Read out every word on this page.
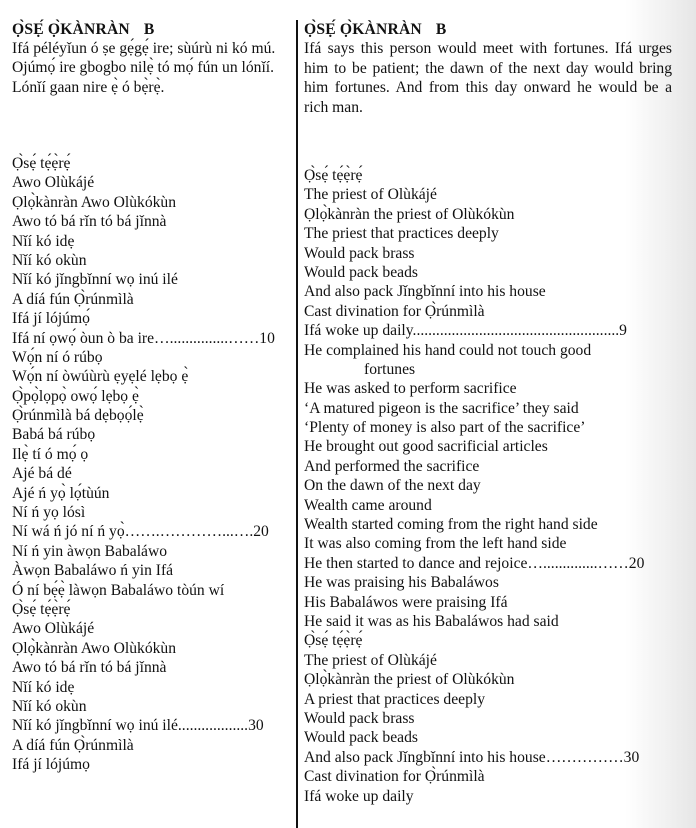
Ọ̀SẸ́ Ọ̀KÀNRÀN B
Ifá péléyǐun ó ṣe gẹ́gẹ́ ire; sùúrù ni kó mú.
Ojúmọ́ ire gbogbo nilẹ̀ tó mọ́ fún un lónǐí.
Lónǐí gaan nire ẹ̀ ó bẹ̀rẹ̀.
Ọ̀sẹ́ tẹ́ẹ̀rẹ́
Awo Olùkájé
Ọlọ̀kànràn Awo Olùkókùn
Awo tó bá rǐn tó bá jǐnnà
Nǐí kó idẹ
Nǐí kó okùn
Nǐí kó jǐngbǐnní wọ inú ilé
A díá fún Ọ̀rúnmìlà
Ifá jí lójúmọ́
Ifá ní ọwọ́ òun ò ba ire…...............……10
Wọ́n ní ó rúbọ
Wọ́n ní òwúùrù ẹyẹlé lẹbọ ẹ̀
Ọ̀pọ̀lọpọ̀ owọ́ lẹbọ ẹ̀
Ọ̀rúnmìlà bá dẹbọọ́lẹ̀
Babá bá rúbọ
Ilẹ̀ tí ó mọ́ ọ
Ajé bá dé
Ajé ń yọ̀ lọ́tùún
Ní ń yọ lósì
Ní wá ń jó ní ń yọ̀…….…………...….20
Ní ń yin àwọn Babaláwo
Àwọn Babaláwo ń yin Ifá
Ó ní bẹ́ẹ̀ làwọn Babaláwo tòún wí
Ọ̀sẹ́ tẹ́ẹ̀rẹ́
Awo Olùkájé
Ọlọ̀kànràn Awo Olùkókùn
Awo tó bá rǐn tó bá jǐnnà
Nǐí kó idẹ
Nǐí kó okùn
Nǐí kó jǐngbǐnní wọ inú ilé..................30
A díá fún Ọ̀rúnmìlà
Ifá jí lójúmọ
Ọ̀SẸ́ Ọ̀KÀNRÀN B
Ifá says this person would meet with fortunes. Ifá urges him to be patient; the dawn of the next day would bring him fortunes. And from this day onward he would be a rich man.
Ọ̀sẹ́ tẹ́ẹ̀rẹ́
The priest of Olùkájé
Ọlọ̀kànràn the priest of Olùkókùn
The priest that practices deeply
Would pack brass
Would pack beads
And also pack Jǐngbǐnní into his house
Cast divination for Ọ̀rúnmìlà
Ifá woke up daily.....................................................9
He complained his hand could not touch good
fortunes
He was asked to perform sacrifice
‘A matured pigeon is the sacrifice’ they said
‘Plenty of money is also part of the sacrifice’
He brought out good sacrificial articles
And performed the sacrifice
On the dawn of the next day
Wealth came around
Wealth started coming from the right hand side
It was also coming from the left hand side
He then started to dance and rejoice…..............……20
He was praising his Babaláwos
His Babaláwos were praising Ifá
He said it was as his Babaláwos had said
Ọ̀sẹ́ tẹ́ẹ̀rẹ́
The priest of Olùkájé
Ọlọ̀kànràn the priest of Olùkókùn
A priest that practices deeply
Would pack brass
Would pack beads
And also pack Jǐngbǐnní into his house……………30
Cast divination for Ọ̀rúnmìlà
Ifá woke up daily
